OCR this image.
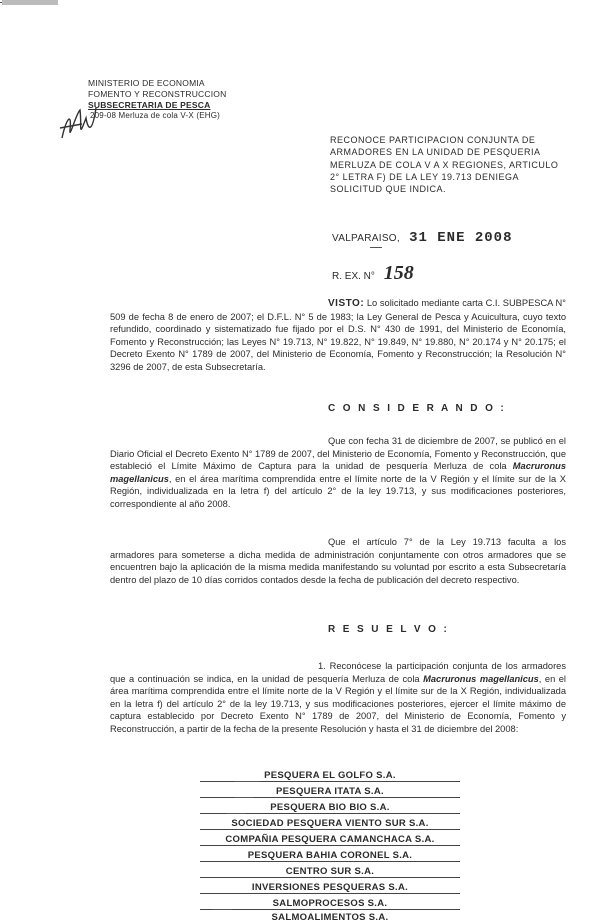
MINISTERIO DE ECONOMIA
FOMENTO Y RECONSTRUCCION
SUBSECRETARIA DE PESCA
209-08 Merluza de cola V-X (EHG)
RECONOCE PARTICIPACION CONJUNTA DE ARMADORES EN LA UNIDAD DE PESQUERIA MERLUZA DE COLA V A X REGIONES, ARTICULO 2° LETRA F) DE LA LEY 19.713 DENIEGA SOLICITUD QUE INDICA.
VALPARAISO, 31 ENE 2008
R. EX. N° 158

VISTO: Lo solicitado mediante carta C.I. SUBPESCA N° 509 de fecha 8 de enero de 2007; el D.F.L. N° 5 de 1983; la Ley General de Pesca y Acuicultura, cuyo texto refundido, coordinado y sistematizado fue fijado por el D.S. N° 430 de 1991, del Ministerio de Economía, Fomento y Reconstrucción; las Leyes N° 19.713, N° 19.822, N° 19.849, N° 19.880, N° 20.174 y N° 20.175; el Decreto Exento N° 1789 de 2007, del Ministerio de Economía, Fomento y Reconstrucción; la Resolución N° 3296 de 2007, de esta Subsecretaría.

C O N S I D E R A N D O :

Que con fecha 31 de diciembre de 2007, se publicó en el Diario Oficial el Decreto Exento N° 1789 de 2007, del Ministerio de Economía, Fomento y Reconstrucción, que estableció el Límite Máximo de Captura para la unidad de pesquería Merluza de cola Macruronus magellanicus, en el área marítima comprendida entre el límite norte de la V Región y el límite sur de la X Región, individualizada en la letra f) del artículo 2° de la ley 19.713, y sus modificaciones posteriores, correspondiente al año 2008.

Que el artículo 7° de la Ley 19.713 faculta a los armadores para someterse a dicha medida de administración conjuntamente con otros armadores que se encuentren bajo la aplicación de la misma medida manifestando su voluntad por escrito a esta Subsecretaría dentro del plazo de 10 días corridos contados desde la fecha de publicación del decreto respectivo.

R E S U E L V O :

1. Reconócese la participación conjunta de los armadores que a continuación se indica, en la unidad de pesquería Merluza de cola Macruronus magellanicus, en el área marítima comprendida entre el límite norte de la V Región y el límite sur de la X Región, individualizada en la letra f) del artículo 2° de la ley 19.713, y sus modificaciones posteriores, ejercer el límite máximo de captura establecido por Decreto Exento N° 1789 de 2007, del Ministerio de Economía, Fomento y Reconstrucción, a partir de la fecha de la presente Resolución y hasta el 31 de diciembre del 2008:

PESQUERA EL GOLFO S.A.
PESQUERA ITATA S.A.
PESQUERA BIO BIO S.A.
SOCIEDAD PESQUERA VIENTO SUR S.A.
COMPAÑIA PESQUERA CAMANCHACA S.A.
PESQUERA BAHIA CORONEL S.A.
CENTRO SUR S.A.
INVERSIONES PESQUERAS S.A.
SALMOPROCESOS S.A.
SALMOALIMENTOS S.A.
